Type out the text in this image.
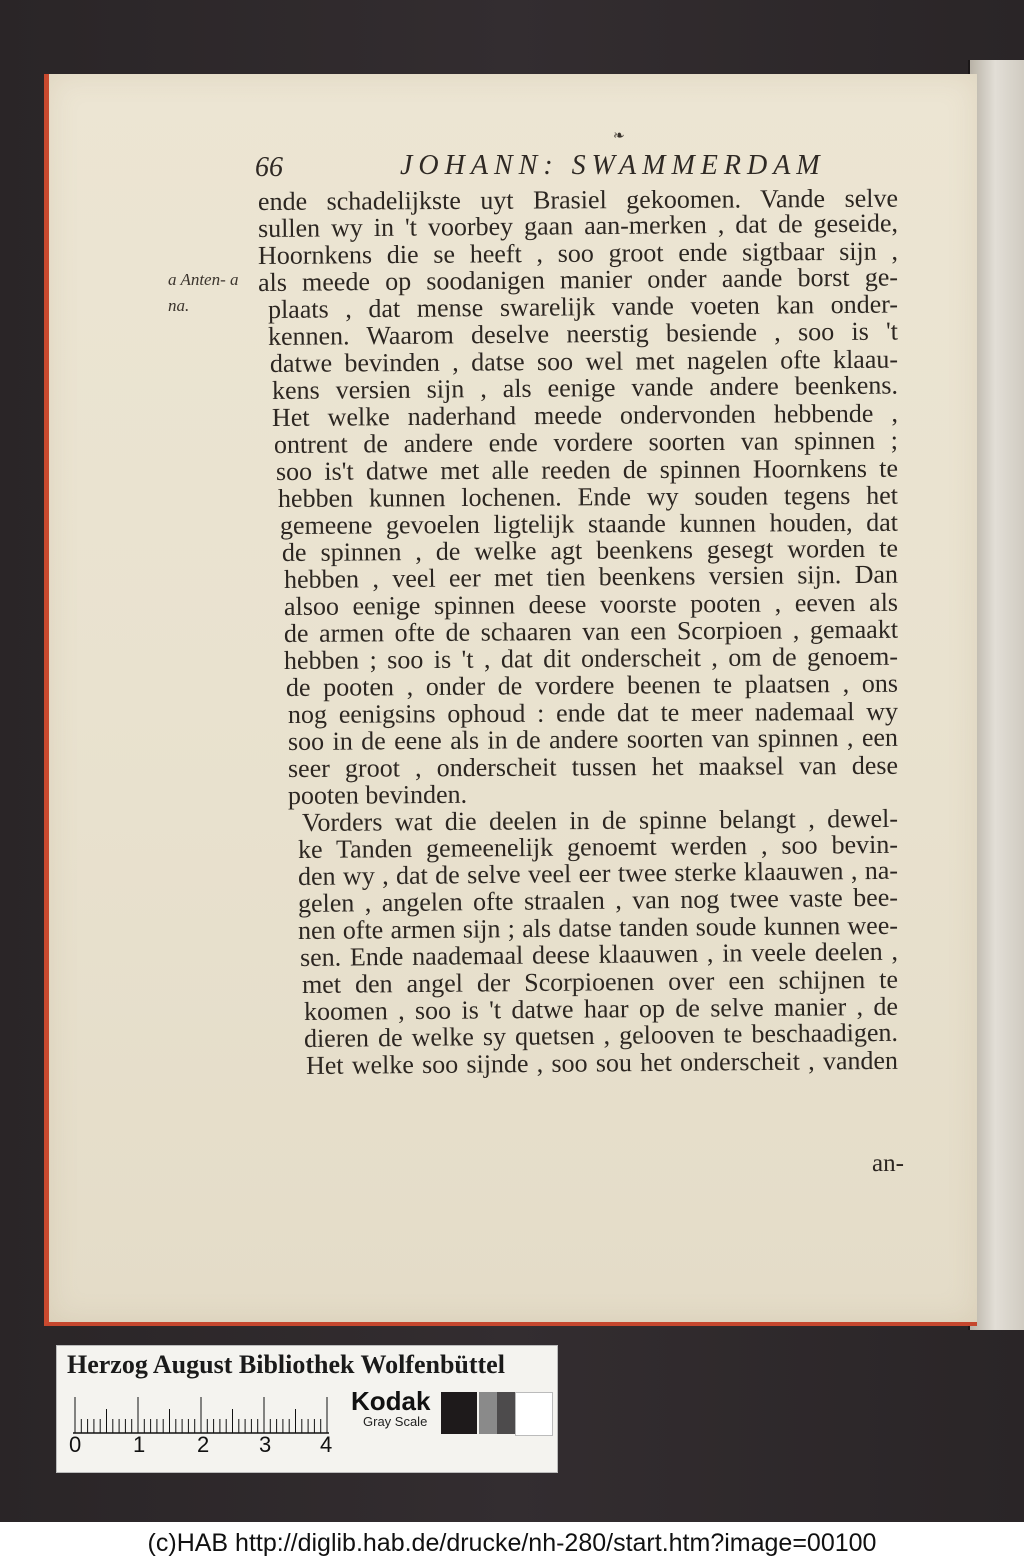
❧
66	JOHANN: SWAMMERDAM
a Anten- a
na.
ende schadelijkste uyt Brasiel gekoomen. Vande selve
sullen wy in 't voorbey gaan aan-merken , dat de geseide,
Hoornkens die se heeft , soo groot ende sigtbaar sijn ,
als meede op soodanigen manier onder aande borst ge-
plaats , dat mense swarelijk vande voeten kan onder-
kennen. Waarom deselve neerstig besiende , soo is 't
datwe bevinden , datse soo wel met nagelen ofte klaau-
kens versien sijn , als eenige vande andere beenkens.
Het welke naderhand meede ondervonden hebbende ,
ontrent de andere ende vordere soorten van spinnen ;
soo is't datwe met alle reeden de spinnen Hoornkens te
hebben kunnen lochenen. Ende wy souden tegens het
gemeene gevoelen ligtelijk staande kunnen houden, dat
de spinnen , de welke agt beenkens gesegt worden te
hebben , veel eer met tien beenkens versien sijn. Dan
alsoo eenige spinnen deese voorste pooten , eeven als
de armen ofte de schaaren van een Scorpioen , gemaakt
hebben ; soo is 't , dat dit onderscheit , om de genoem-
de pooten , onder de vordere beenen te plaatsen , ons
nog eenigsins ophoud : ende dat te meer nademaal wy
soo in de eene als in de andere soorten van spinnen , een
seer groot , onderscheit tussen het maaksel van dese
pooten bevinden.
Vorders wat die deelen in de spinne belangt , dewel-
ke Tanden gemeenelijk genoemt werden , soo bevin-
den wy , dat de selve veel eer twee sterke klaauwen , na-
gelen , angelen ofte straalen , van nog twee vaste bee-
nen ofte armen sijn ; als datse tanden soude kunnen wee-
sen. Ende naademaal deese klaauwen , in veele deelen ,
met den angel der Scorpioenen over een schijnen te
koomen , soo is 't datwe haar op de selve manier , de
dieren de welke sy quetsen , gelooven te beschaadigen.
Het welke soo sijnde , soo sou het onderscheit , vanden
an-
Herzog August Bibliothek Wolfenbüttel
0 1 2 3 4
Kodak
Gray Scale
(c)HAB http://diglib.hab.de/drucke/nh-280/start.htm?image=00100
